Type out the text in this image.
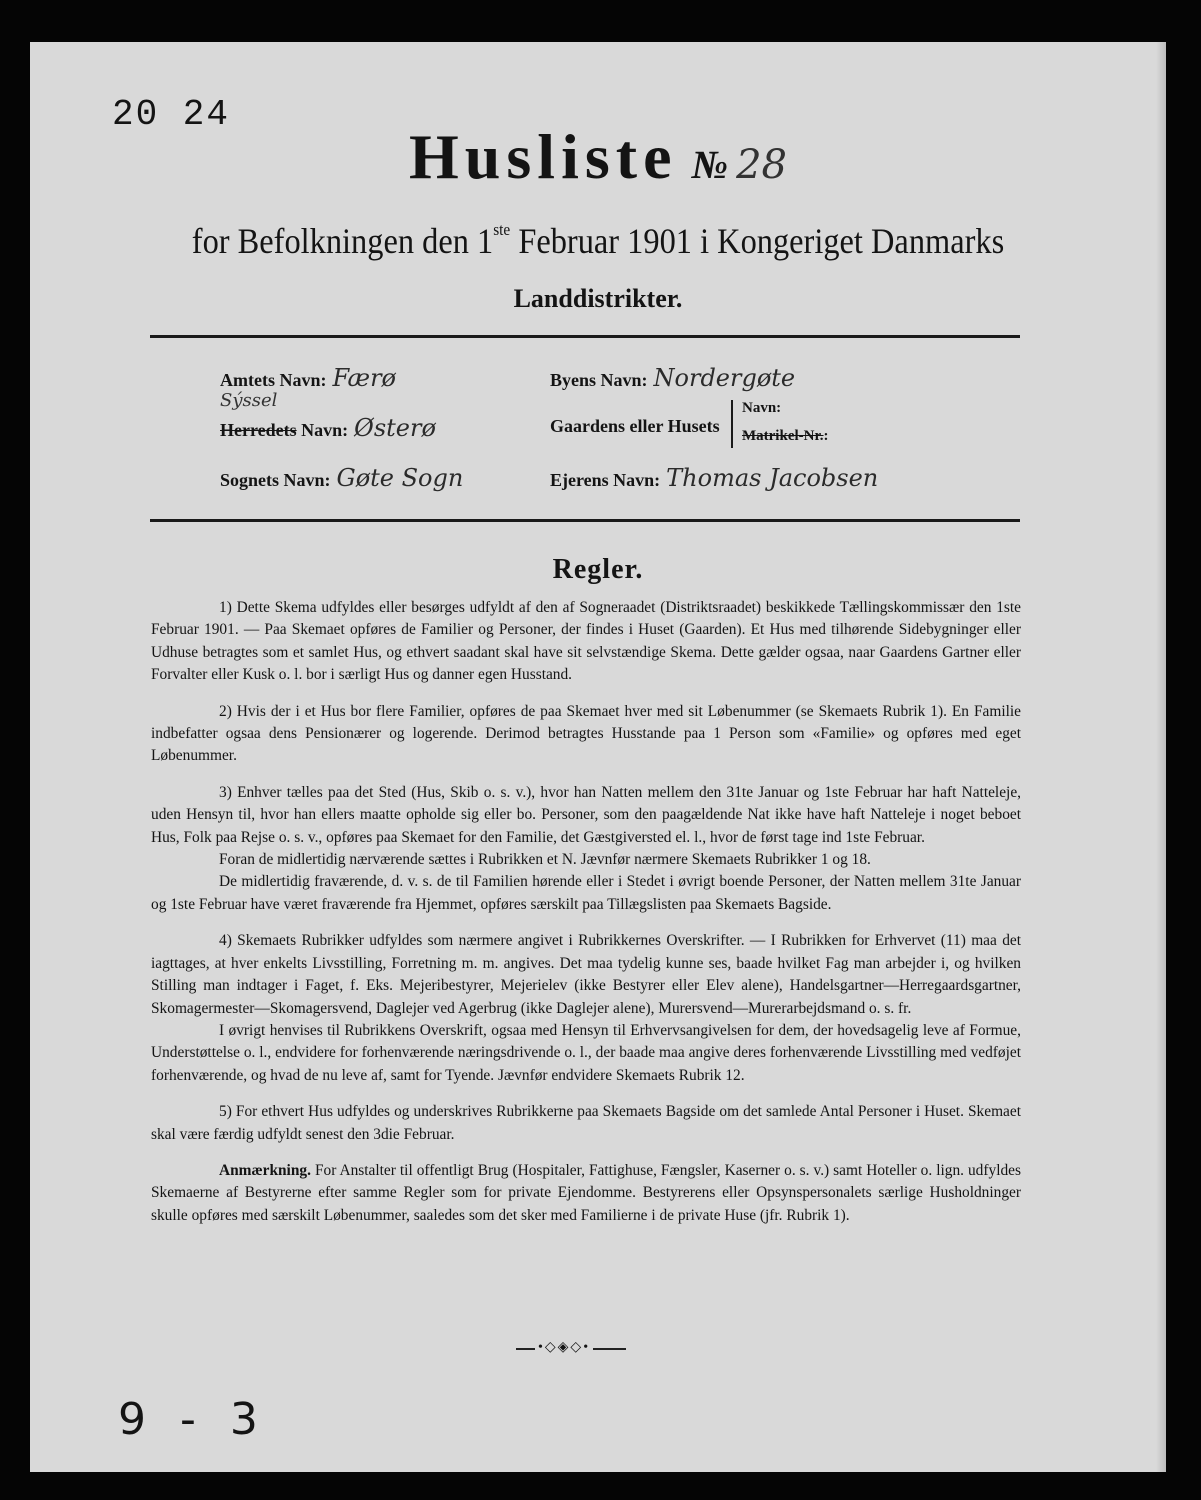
20 24
Husliste № 28
for Befolkningen den 1ste Februar 1901 i Kongeriget Danmarks
Landdistrikter.
Amtets Navn: Færø
Sýssel
Herredets Navn: Østerø
Sognets Navn: Gøte Sogn
Byens Navn: Nordergøte
Gaardens eller Husets
Navn:
Matrikel-Nr.:
Ejerens Navn: Thomas Jacobsen
Regler.

1) Dette Skema udfyldes eller besørges udfyldt af den af Sogneraadet (Distriktsraadet) beskikkede Tællingskommissær den 1ste Februar 1901. — Paa Skemaet opføres de Familier og Personer, der findes i Huset (Gaarden). Et Hus med tilhørende Sidebygninger eller Udhuse betragtes som et samlet Hus, og ethvert saadant skal have sit selvstændige Skema. Dette gælder ogsaa, naar Gaardens Gartner eller Forvalter eller Kusk o. l. bor i særligt Hus og danner egen Husstand.

2) Hvis der i et Hus bor flere Familier, opføres de paa Skemaet hver med sit Løbenummer (se Skemaets Rubrik 1). En Familie indbefatter ogsaa dens Pensionærer og logerende. Derimod betragtes Husstande paa 1 Person som «Familie» og opføres med eget Løbenummer.

3) Enhver tælles paa det Sted (Hus, Skib o. s. v.), hvor han Natten mellem den 31te Januar og 1ste Februar har haft Natteleje, uden Hensyn til, hvor han ellers maatte opholde sig eller bo. Personer, som den paagældende Nat ikke have haft Natteleje i noget beboet Hus, Folk paa Rejse o. s. v., opføres paa Skemaet for den Familie, det Gæstgiversted el. l., hvor de først tage ind 1ste Februar.

Foran de midlertidig nærværende sættes i Rubrikken et N. Jævnfør nærmere Skemaets Rubrikker 1 og 18.

De midlertidig fraværende, d. v. s. de til Familien hørende eller i Stedet i øvrigt boende Personer, der Natten mellem 31te Januar og 1ste Februar have været fraværende fra Hjemmet, opføres særskilt paa Tillægslisten paa Skemaets Bagside.

4) Skemaets Rubrikker udfyldes som nærmere angivet i Rubrikkernes Overskrifter. — I Rubrikken for Erhvervet (11) maa det iagttages, at hver enkelts Livsstilling, Forretning m. m. angives. Det maa tydelig kunne ses, baade hvilket Fag man arbejder i, og hvilken Stilling man indtager i Faget, f. Eks. Mejeribestyrer, Mejerielev (ikke Bestyrer eller Elev alene), Handelsgartner—Herregaardsgartner, Skomagermester—Skomagersvend, Daglejer ved Agerbrug (ikke Daglejer alene), Murersvend—Murerarbejdsmand o. s. fr.

I øvrigt henvises til Rubrikkens Overskrift, ogsaa med Hensyn til Erhvervsangivelsen for dem, der hovedsagelig leve af Formue, Understøttelse o. l., endvidere for forhenværende næringsdrivende o. l., der baade maa angive deres forhenværende Livsstilling med vedføjet forhenværende, og hvad de nu leve af, samt for Tyende. Jævnfør endvidere Skemaets Rubrik 12.

5) For ethvert Hus udfyldes og underskrives Rubrikkerne paa Skemaets Bagside om det samlede Antal Personer i Huset. Skemaet skal være færdig udfyldt senest den 3die Februar.

Anmærkning. For Anstalter til offentligt Brug (Hospitaler, Fattighuse, Fængsler, Kaserner o. s. v.) samt Hoteller o. lign. udfyldes Skemaerne af Bestyrerne efter samme Regler som for private Ejendomme. Bestyrerens eller Opsynspersonalets særlige Husholdninger skulle opføres med særskilt Løbenummer, saaledes som det sker med Familierne i de private Huse (jfr. Rubrik 1).

•◇◈◇•
9 - 3
